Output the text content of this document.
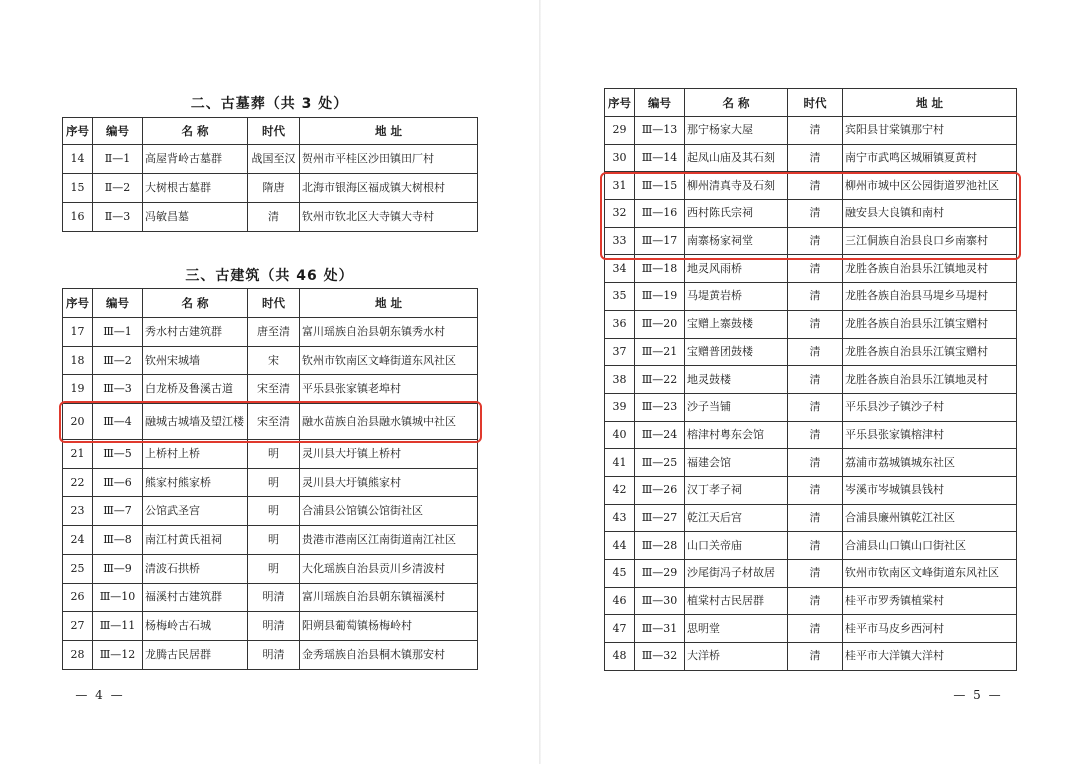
二、古墓葬（共 3 处）
序号	编号	名 称	时代	地 址
14	Ⅱ—1	高屋背岭古墓群	战国至汉	贺州市平桂区沙田镇田厂村
15	Ⅱ—2	大树根古墓群	隋唐	北海市银海区福成镇大树根村
16	Ⅱ—3	冯敏昌墓	清	钦州市钦北区大寺镇大寺村
三、古建筑（共 46 处）
序号	编号	名 称	时代	地 址
17	Ⅲ—1	秀水村古建筑群	唐至清	富川瑶族自治县朝东镇秀水村
18	Ⅲ—2	钦州宋城墙	宋	钦州市钦南区文峰街道东风社区
19	Ⅲ—3	白龙桥及鲁溪古道	宋至清	平乐县张家镇老埠村
20	Ⅲ—4	融城古城墙及望江楼	宋至清	融水苗族自治县融水镇城中社区
21	Ⅲ—5	上桥村上桥	明	灵川县大圩镇上桥村
22	Ⅲ—6	熊家村熊家桥	明	灵川县大圩镇熊家村
23	Ⅲ—7	公馆武圣宫	明	合浦县公馆镇公馆街社区
24	Ⅲ—8	南江村黄氏祖祠	明	贵港市港南区江南街道南江社区
25	Ⅲ—9	清波石拱桥	明	大化瑶族自治县贡川乡清波村
26	Ⅲ—10	福溪村古建筑群	明清	富川瑶族自治县朝东镇福溪村
27	Ⅲ—11	杨梅岭古石城	明清	阳朔县葡萄镇杨梅岭村
28	Ⅲ—12	龙腾古民居群	明清	金秀瑶族自治县桐木镇那安村
— 4 —
序号	编号	名 称	时代	地 址
29	Ⅲ—13	那宁杨家大屋	清	宾阳县甘棠镇那宁村
30	Ⅲ—14	起凤山庙及其石刻	清	南宁市武鸣区城厢镇夏黄村
31	Ⅲ—15	柳州清真寺及石刻	清	柳州市城中区公园街道罗池社区
32	Ⅲ—16	西村陈氏宗祠	清	融安县大良镇和南村
33	Ⅲ—17	南寨杨家祠堂	清	三江侗族自治县良口乡南寨村
34	Ⅲ—18	地灵风雨桥	清	龙胜各族自治县乐江镇地灵村
35	Ⅲ—19	马堤黄岩桥	清	龙胜各族自治县马堤乡马堤村
36	Ⅲ—20	宝赠上寨鼓楼	清	龙胜各族自治县乐江镇宝赠村
37	Ⅲ—21	宝赠普团鼓楼	清	龙胜各族自治县乐江镇宝赠村
38	Ⅲ—22	地灵鼓楼	清	龙胜各族自治县乐江镇地灵村
39	Ⅲ—23	沙子当铺	清	平乐县沙子镇沙子村
40	Ⅲ—24	榕津村粤东会馆	清	平乐县张家镇榕津村
41	Ⅲ—25	福建会馆	清	荔浦市荔城镇城东社区
42	Ⅲ—26	汉丁孝子祠	清	岑溪市岑城镇县钱村
43	Ⅲ—27	乾江天后宫	清	合浦县廉州镇乾江社区
44	Ⅲ—28	山口关帝庙	清	合浦县山口镇山口街社区
45	Ⅲ—29	沙尾街冯子材故居	清	钦州市钦南区文峰街道东风社区
46	Ⅲ—30	植棠村古民居群	清	桂平市罗秀镇植棠村
47	Ⅲ—31	思明堂	清	桂平市马皮乡西河村
48	Ⅲ—32	大洋桥	清	桂平市大洋镇大洋村
— 5 —
